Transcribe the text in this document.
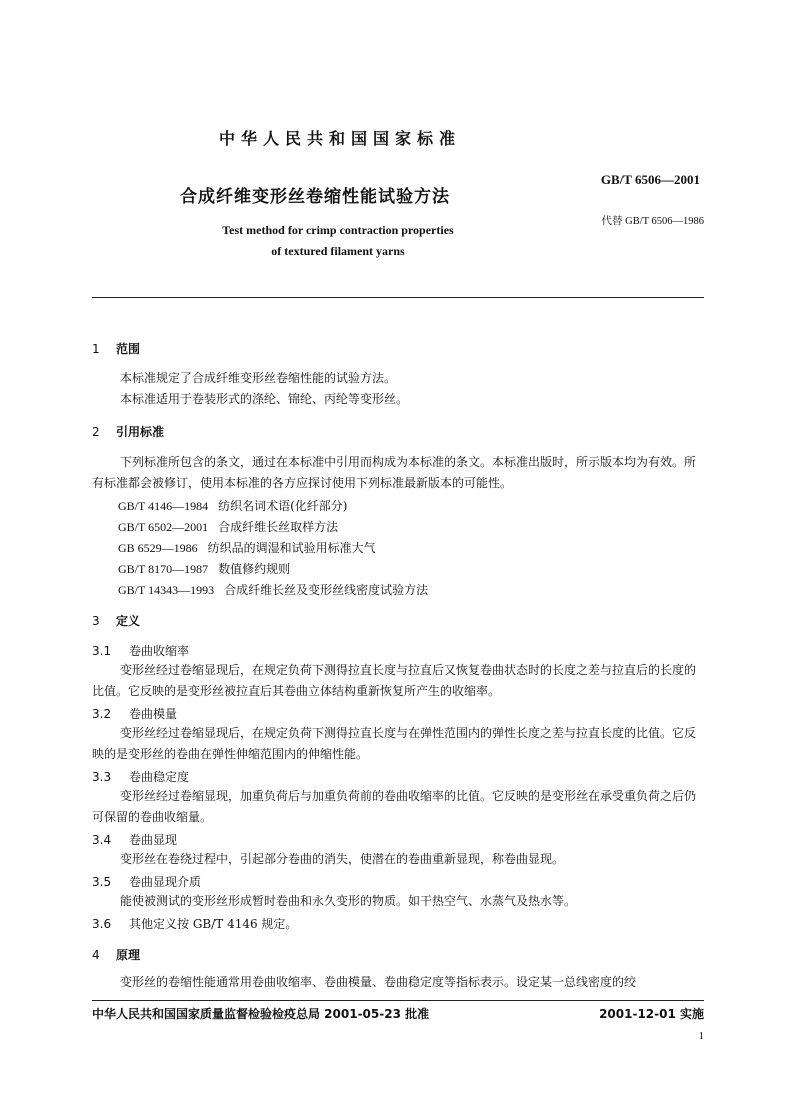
中华人民共和国国家标准
GB/T 6506—2001
合成纤维变形丝卷缩性能试验方法
代替 GB/T 6506—1986
Test method for crimp contraction properties
of textured filament yarns
1 范围
本标准规定了合成纤维变形丝卷缩性能的试验方法。
本标准适用于卷装形式的涤纶、锦纶、丙纶等变形丝。
2 引用标准
下列标准所包含的条文，通过在本标准中引用而构成为本标准的条文。本标准出版时，所示版本均为有效。所有标准都会被修订，使用本标准的各方应探讨使用下列标准最新版本的可能性。
GB/T 4146—1984 纺织名词术语(化纤部分)
GB/T 6502—2001 合成纤维长丝取样方法
GB 6529—1986 纺织品的调湿和试验用标准大气
GB/T 8170—1987 数值修约规则
GB/T 14343—1993 合成纤维长丝及变形丝线密度试验方法
3 定义
3.1 卷曲收缩率
变形丝经过卷缩显现后，在规定负荷下测得拉直长度与拉直后又恢复卷曲状态时的长度之差与拉直后的长度的比值。它反映的是变形丝被拉直后其卷曲立体结构重新恢复所产生的收缩率。
3.2 卷曲模量
变形丝经过卷缩显现后，在规定负荷下测得拉直长度与在弹性范围内的弹性长度之差与拉直长度的比值。它反映的是变形丝的卷曲在弹性伸缩范围内的伸缩性能。
3.3 卷曲稳定度
变形丝经过卷缩显现，加重负荷后与加重负荷前的卷曲收缩率的比值。它反映的是变形丝在承受重负荷之后仍可保留的卷曲收缩量。
3.4 卷曲显现
变形丝在卷绕过程中，引起部分卷曲的消失，使潜在的卷曲重新显现，称卷曲显现。
3.5 卷曲显现介质
能使被测试的变形丝形成暂时卷曲和永久变形的物质。如干热空气、水蒸气及热水等。
3.6 其他定义按 GB/T 4146 规定。
4 原理
变形丝的卷缩性能通常用卷曲收缩率、卷曲模量、卷曲稳定度等指标表示。设定某一总线密度的绞
中华人民共和国国家质量监督检验检疫总局 2001-05-23 批准	2001-12-01 实施
1
